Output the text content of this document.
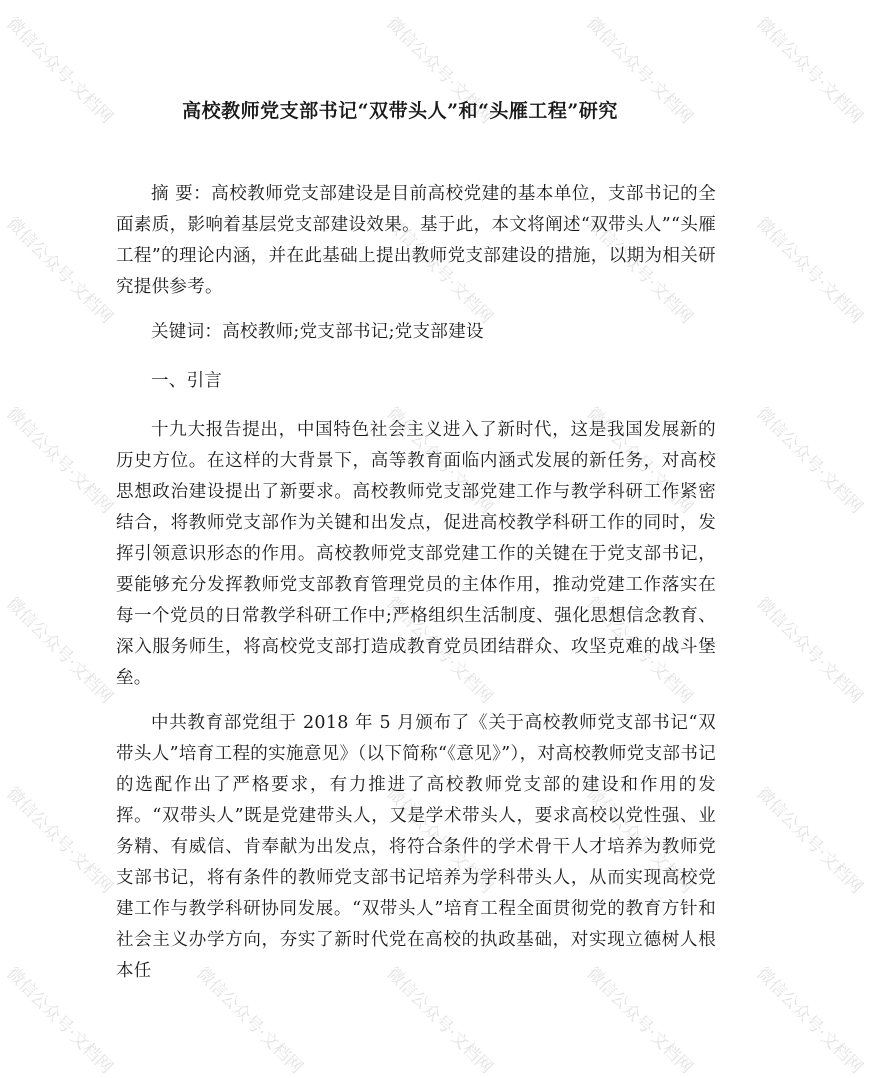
微信公众号·文档网	微信公众号·文档网	微信公众号·文档网	微信公众号·文档网
微信公众号·文档网	微信公众号·文档网	微信公众号·文档网	微信公众号·文档网
微信公众号·文档网	微信公众号·文档网	微信公众号·文档网	微信公众号·文档网
微信公众号·文档网	微信公众号·文档网	微信公众号·文档网	微信公众号·文档网
微信公众号·文档网	微信公众号·文档网	微信公众号·文档网	微信公众号·文档网
微信公众号·文档网	微信公众号·文档网	微信公众号·文档网	微信公众号·文档网	微信公众号·文档网
高校教师党支部书记“双带头人”和“头雁工程”研究

摘 要：高校教师党支部建设是目前高校党建的基本单位，支部书记的全面素质，影响着基层党支部建设效果。基于此，本文将阐述“双带头人”“头雁工程”的理论内涵，并在此基础上提出教师党支部建设的措施，以期为相关研究提供参考。

关键词：高校教师;党支部书记;党支部建设

一、引言

十九大报告提出，中国特色社会主义进入了新时代，这是我国发展新的历史方位。在这样的大背景下，高等教育面临内涵式发展的新任务，对高校思想政治建设提出了新要求。高校教师党支部党建工作与教学科研工作紧密结合，将教师党支部作为关键和出发点，促进高校教学科研工作的同时，发挥引领意识形态的作用。高校教师党支部党建工作的关键在于党支部书记，要能够充分发挥教师党支部教育管理党员的主体作用，推动党建工作落实在每一个党员的日常教学科研工作中;严格组织生活制度、强化思想信念教育、深入服务师生，将高校党支部打造成教育党员团结群众、攻坚克难的战斗堡垒。

中共教育部党组于 2018 年 5 月颁布了《关于高校教师党支部书记“双带头人”培育工程的实施意见》（以下简称“《意见》”），对高校教师党支部书记的选配作出了严格要求，有力推进了高校教师党支部的建设和作用的发挥。“双带头人”既是党建带头人，又是学术带头人，要求高校以党性强、业务精、有威信、肯奉献为出发点，将符合条件的学术骨干人才培养为教师党支部书记，将有条件的教师党支部书记培养为学科带头人，从而实现高校党建工作与教学科研协同发展。“双带头人”培育工程全面贯彻党的教育方针和社会主义办学方向，夯实了新时代党在高校的执政基础，对实现立德树人根本任
